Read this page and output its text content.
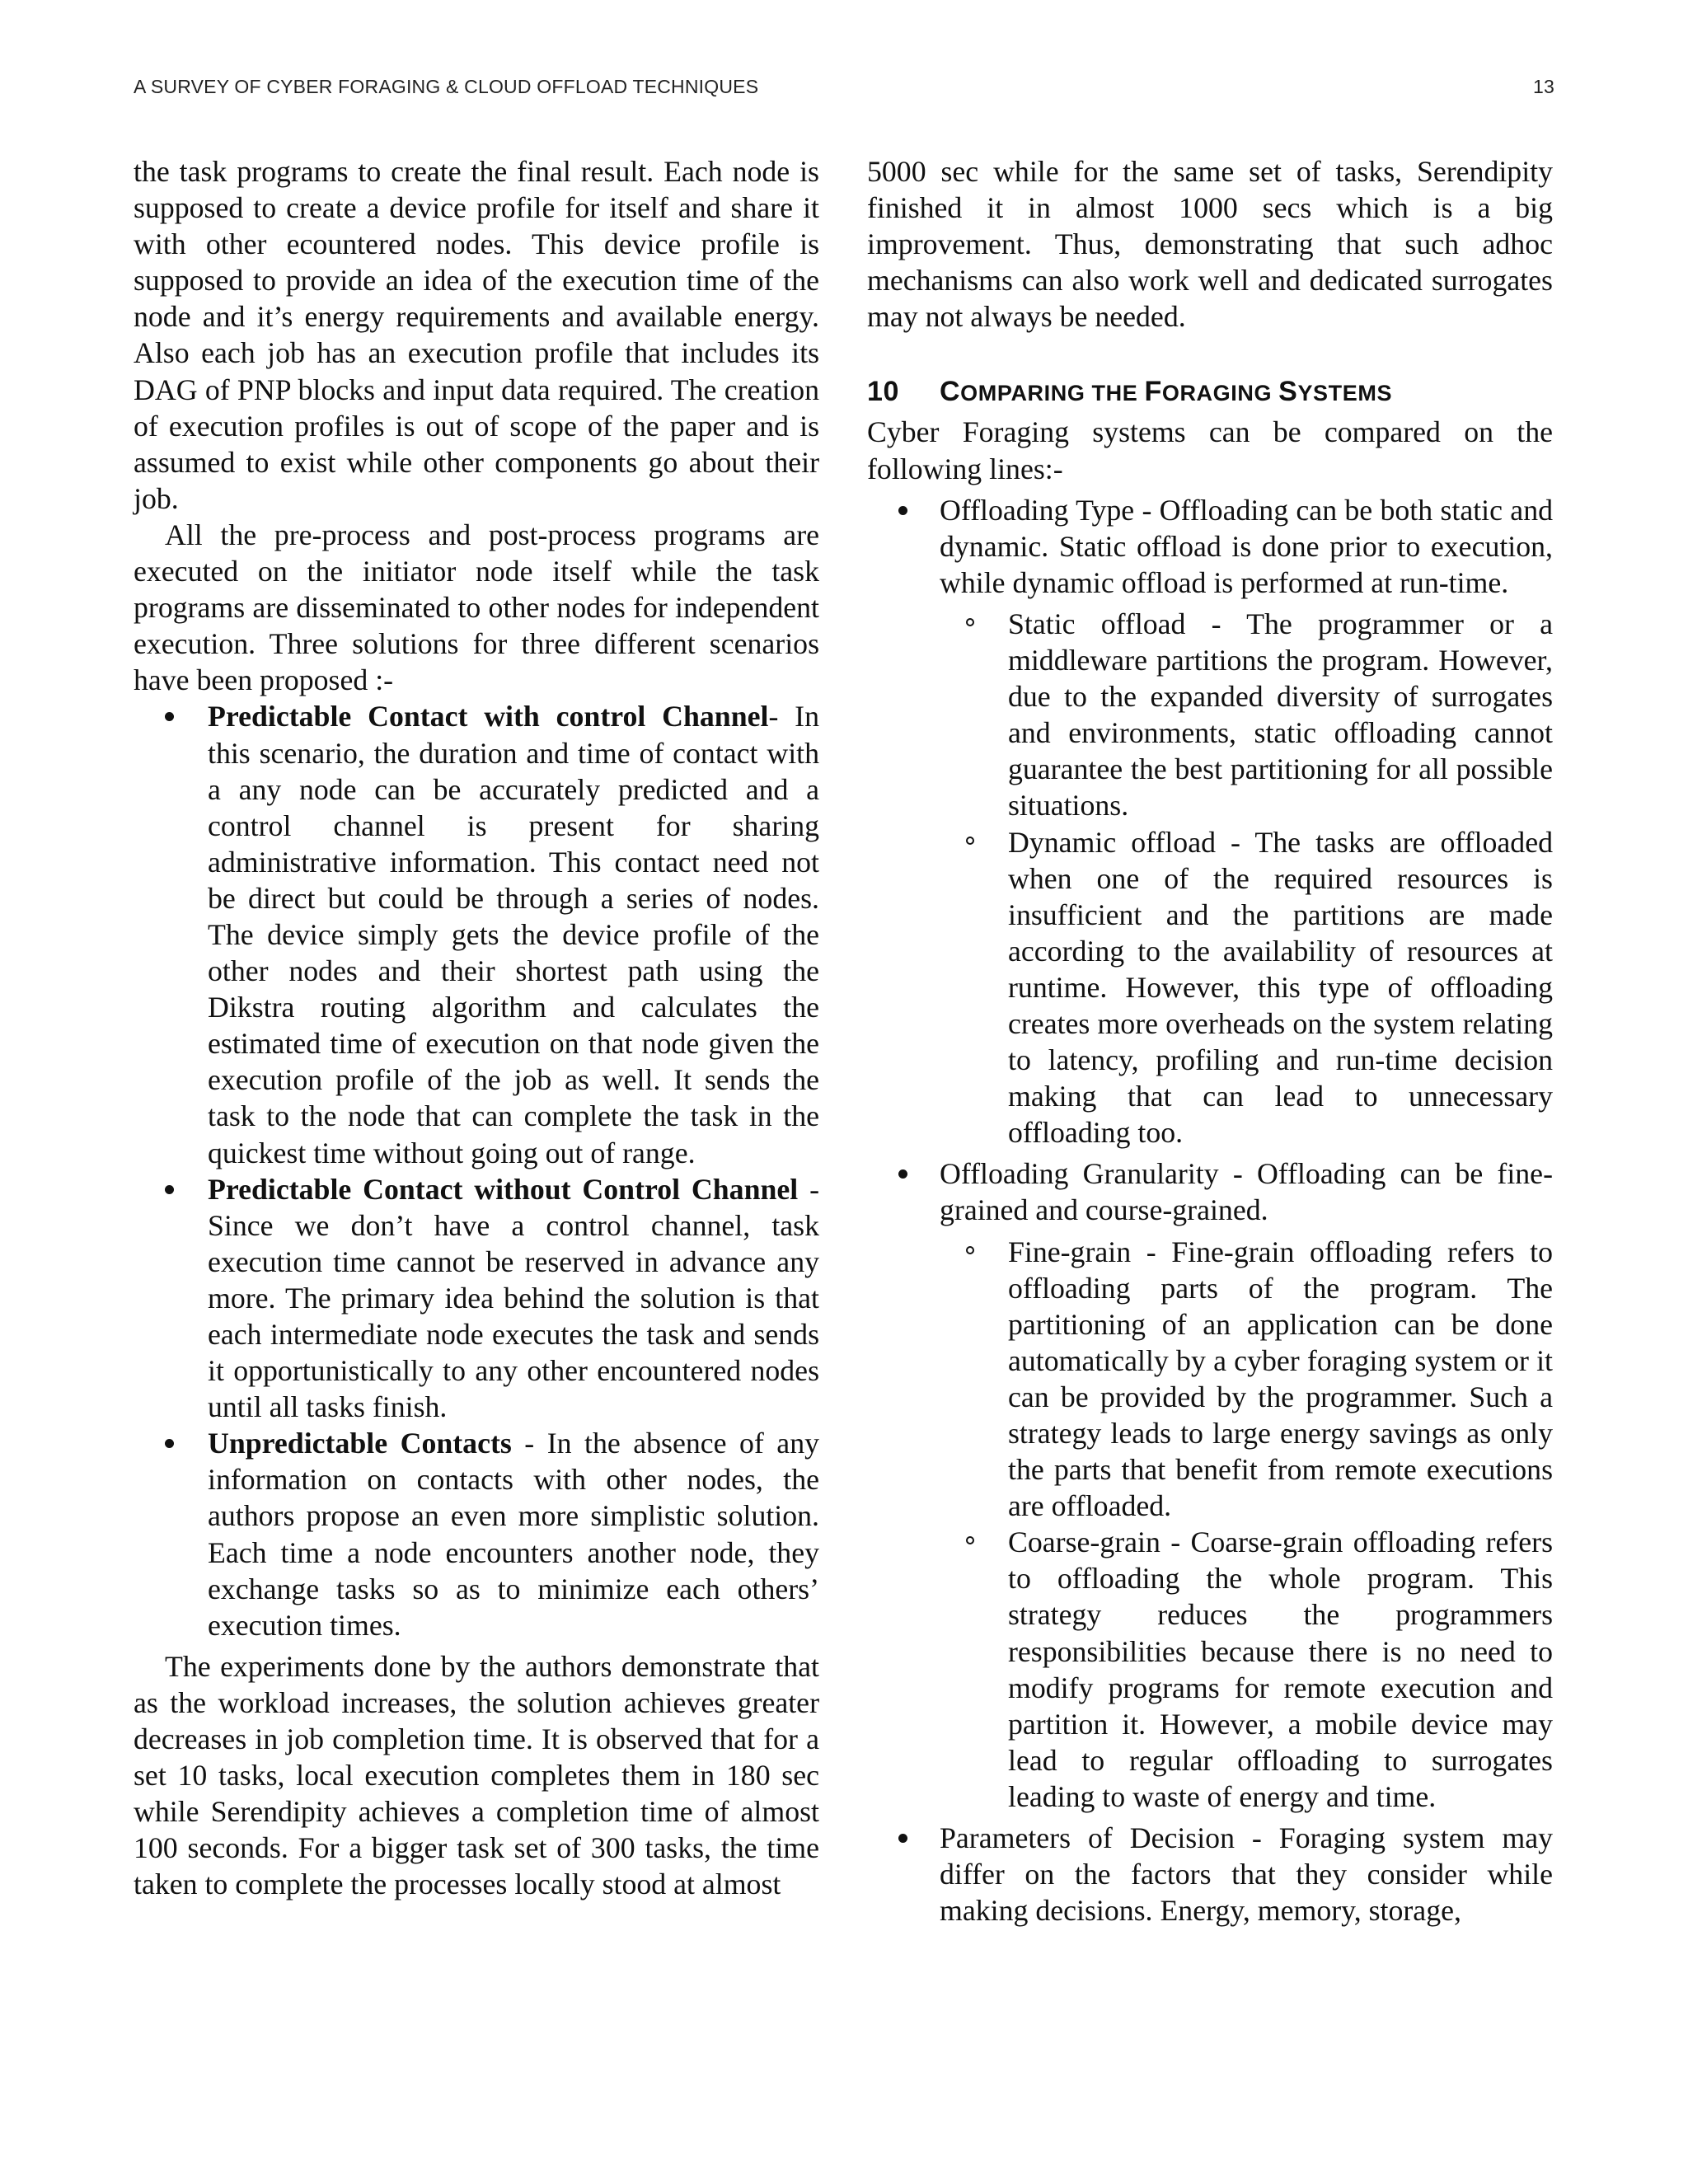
A SURVEY OF CYBER FORAGING & CLOUD OFFLOAD TECHNIQUES	13

the task programs to create the final result. Each node is supposed to create a device profile for itself and share it with other ecountered nodes. This device profile is supposed to provide an idea of the execution time of the node and it’s energy requirements and available energy. Also each job has an execution profile that includes its DAG of PNP blocks and input data required. The creation of execution profiles is out of scope of the paper and is assumed to exist while other components go about their job.

All the pre-process and post-process programs are executed on the initiator node itself while the task programs are disseminated to other nodes for independent execution. Three solutions for three different scenarios have been proposed :-

Predictable Contact with control Channel- In this scenario, the duration and time of contact with a any node can be accurately predicted and a control channel is present for sharing administrative information. This contact need not be direct but could be through a series of nodes. The device simply gets the device profile of the other nodes and their shortest path using the Dikstra routing algorithm and calculates the estimated time of execution on that node given the execution profile of the job as well. It sends the task to the node that can complete the task in the quickest time without going out of range.
Predictable Contact without Control Channel - Since we don’t have a control channel, task execution time cannot be reserved in advance any more. The primary idea behind the solution is that each intermediate node executes the task and sends it opportunistically to any other encountered nodes until all tasks finish.
Unpredictable Contacts - In the absence of any information on contacts with other nodes, the authors propose an even more simplistic solution. Each time a node encounters another node, they exchange tasks so as to minimize each others’ execution times.

The experiments done by the authors demonstrate that as the workload increases, the solution achieves greater decreases in job completion time. It is observed that for a set 10 tasks, local execution completes them in 180 sec while Serendipity achieves a completion time of almost 100 seconds. For a bigger task set of 300 tasks, the time taken to complete the processes locally stood at almost

5000 sec while for the same set of tasks, Serendipity finished it in almost 1000 secs which is a big improvement. Thus, demonstrating that such adhoc mechanisms can also work well and dedicated surrogates may not always be needed.

10 COMPARING THE FORAGING SYSTEMS

Cyber Foraging systems can be compared on the following lines:-

Offloading Type - Offloading can be both static and dynamic. Static offload is done prior to execution, while dynamic offload is performed at run-time.
Static offload - The programmer or a middleware partitions the program. However, due to the expanded diversity of surrogates and environments, static offloading cannot guarantee the best partitioning for all possible situations.
Dynamic offload - The tasks are offloaded when one of the required resources is insufficient and the partitions are made according to the availability of resources at runtime. However, this type of offloading creates more overheads on the system relating to latency, profiling and run-time decision making that can lead to unnecessary offloading too.
Offloading Granularity - Offloading can be fine-grained and course-grained.
Fine-grain - Fine-grain offloading refers to offloading parts of the program. The partitioning of an application can be done automatically by a cyber foraging system or it can be provided by the programmer. Such a strategy leads to large energy savings as only the parts that benefit from remote executions are offloaded.
Coarse-grain - Coarse-grain offloading refers to offloading the whole program. This strategy reduces the programmers responsibilities because there is no need to modify programs for remote execution and partition it. However, a mobile device may lead to regular offloading to surrogates leading to waste of energy and time.
Parameters of Decision - Foraging system may differ on the factors that they consider while making decisions. Energy, memory, storage,
